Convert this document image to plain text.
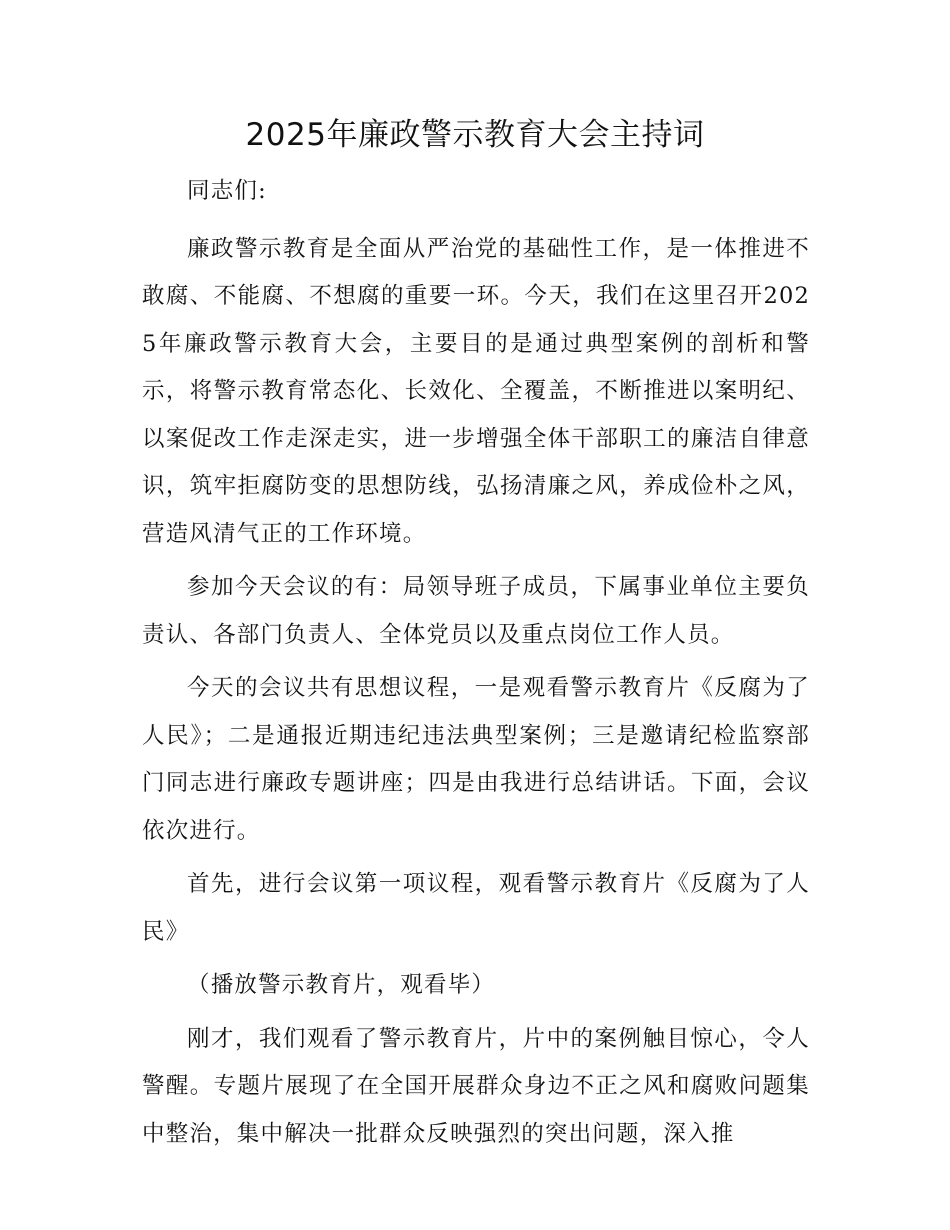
2025年廉政警示教育大会主持词

同志们:

廉政警示教育是全面从严治党的基础性工作，是一体推进不敢腐、不能腐、不想腐的重要一环。今天，我们在这里召开2025年廉政警示教育大会，主要目的是通过典型案例的剖析和警示，将警示教育常态化、长效化、全覆盖，不断推进以案明纪、以案促改工作走深走实，进一步增强全体干部职工的廉洁自律意识，筑牢拒腐防变的思想防线，弘扬清廉之风，养成俭朴之风，营造风清气正的工作环境。

参加今天会议的有：局领导班子成员，下属事业单位主要负责认、各部门负责人、全体党员以及重点岗位工作人员。

今天的会议共有思想议程，一是观看警示教育片《反腐为了人民》；二是通报近期违纪违法典型案例；三是邀请纪检监察部门同志进行廉政专题讲座；四是由我进行总结讲话。下面，会议依次进行。

首先，进行会议第一项议程，观看警示教育片《反腐为了人民》

（播放警示教育片，观看毕）

刚才，我们观看了警示教育片，片中的案例触目惊心，令人警醒。专题片展现了在全国开展群众身边不正之风和腐败问题集中整治，集中解决一批群众反映强烈的突出问题，深入推
